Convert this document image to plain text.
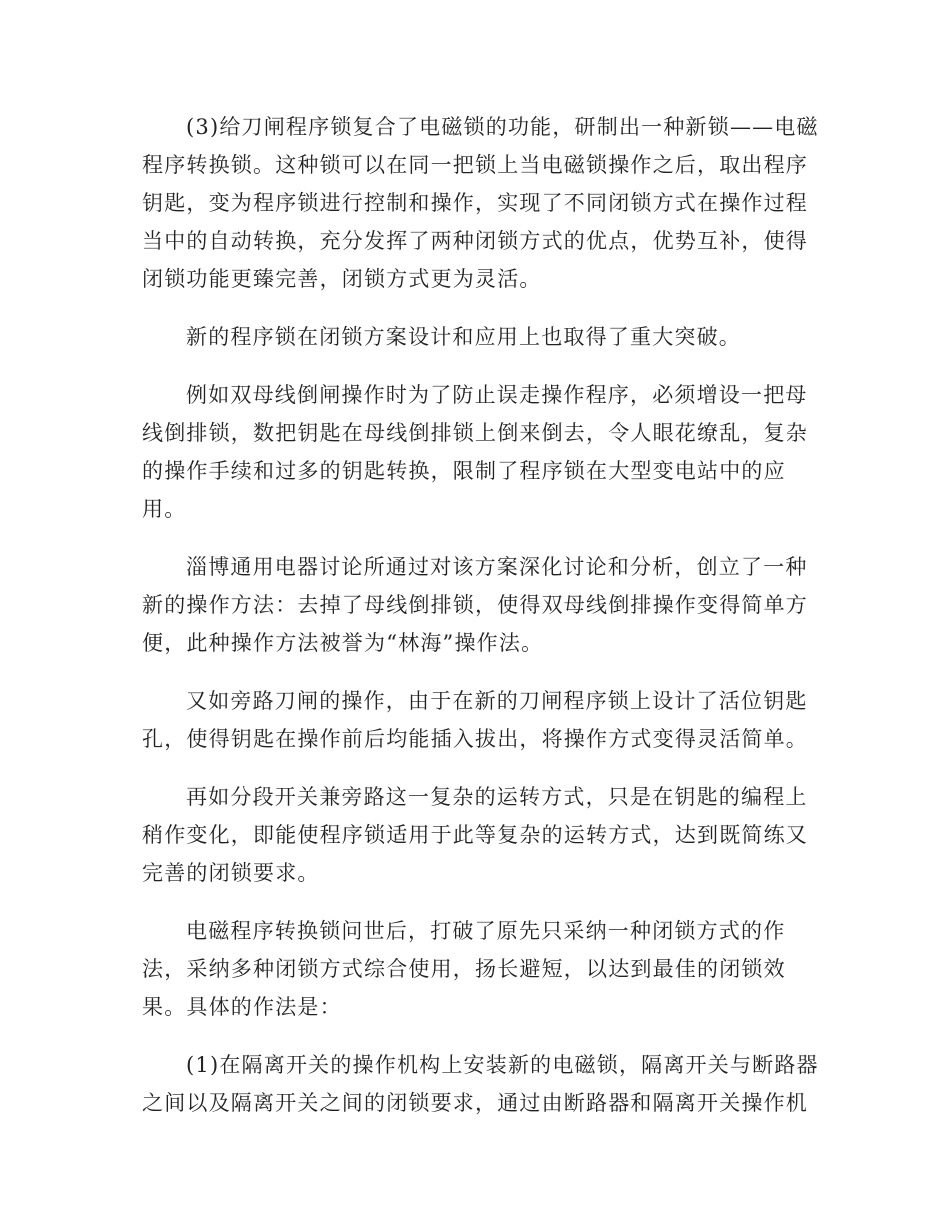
(3)给刀闸程序锁复合了电磁锁的功能，研制出一种新锁——电磁
程序转换锁。这种锁可以在同一把锁上当电磁锁操作之后，取出程序
钥匙，变为程序锁进行控制和操作，实现了不同闭锁方式在操作过程
当中的自动转换，充分发挥了两种闭锁方式的优点，优势互补，使得
闭锁功能更臻完善，闭锁方式更为灵活。
新的程序锁在闭锁方案设计和应用上也取得了重大突破。
例如双母线倒闸操作时为了防止误走操作程序，必须增设一把母
线倒排锁，数把钥匙在母线倒排锁上倒来倒去，令人眼花缭乱，复杂
的操作手续和过多的钥匙转换，限制了程序锁在大型变电站中的应
用。
淄博通用电器讨论所通过对该方案深化讨论和分析，创立了一种
新的操作方法：去掉了母线倒排锁，使得双母线倒排操作变得简单方
便，此种操作方法被誉为“林海”操作法。
又如旁路刀闸的操作，由于在新的刀闸程序锁上设计了活位钥匙
孔，使得钥匙在操作前后均能插入拔出，将操作方式变得灵活简单。
再如分段开关兼旁路这一复杂的运转方式，只是在钥匙的编程上
稍作变化，即能使程序锁适用于此等复杂的运转方式，达到既简练又
完善的闭锁要求。
电磁程序转换锁问世后，打破了原先只采纳一种闭锁方式的作
法，采纳多种闭锁方式综合使用，扬长避短，以达到最佳的闭锁效
果。具体的作法是：
(1)在隔离开关的操作机构上安装新的电磁锁，隔离开关与断路器
之间以及隔离开关之间的闭锁要求，通过由断路器和隔离开关操作机
